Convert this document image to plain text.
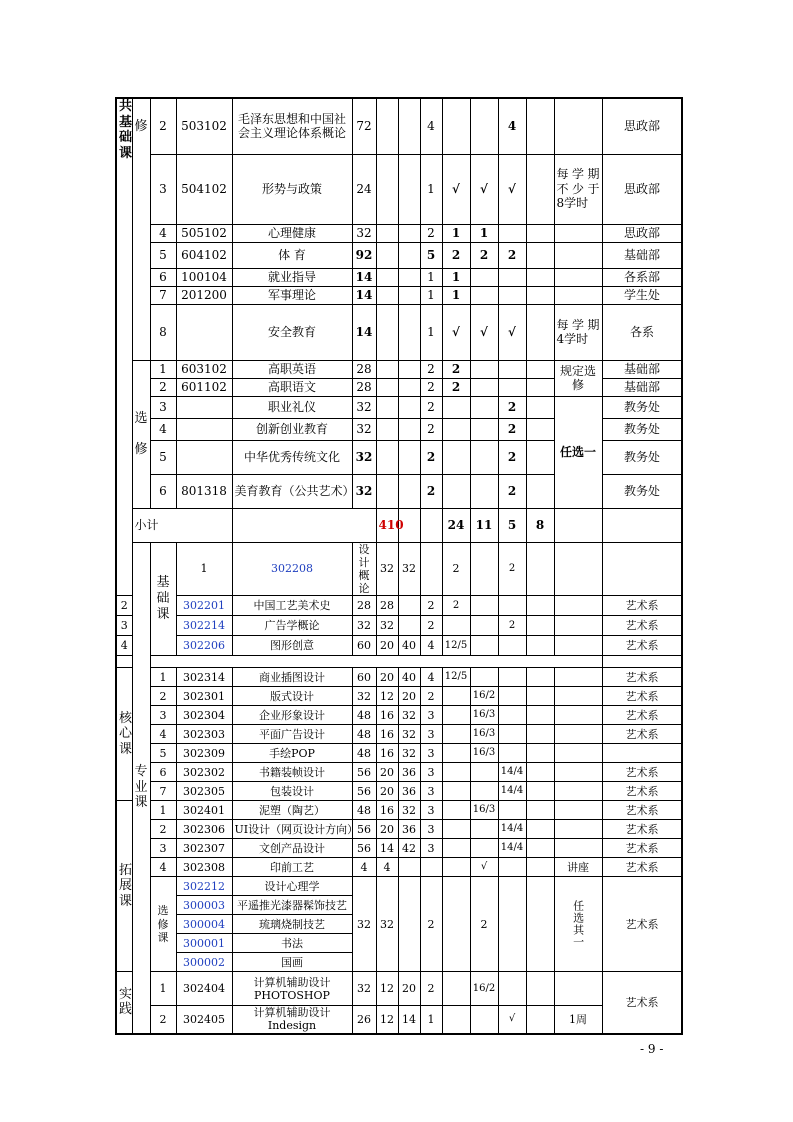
共
基
础
课	修	2	503102	毛泽东思想和中国社会主义理论体系概论	72			4			4			思政部	
		3	504102	形势与政策	24			1	√	√	√		每学期不少于8学时	思政部	
		4	505102	心理健康	32			2	1	1				思政部	
		5	604102	体 育	92			5	2	2	2			基础部	
		6	100104	就业指导	14			1	1					各系部	
		7	201200	军事理论	14			1	1					学生处	
		8		安全教育	14			1	√	√	√		每学期4学时	各系	
	选

修	1	603102	高职英语	28			2	2				规定选修	基础部	
		2	601102	高职语文	28			2	2					基础部	
		3		职业礼仪	32			2			2		任选一	教务处	
		4		创新创业教育	32			2			2			教务处	
		5		中华优秀传统文化	32			2			2			教务处	
		6	801318	美育教育（公共艺术）	32			2			2			教务处	
	小计					410			24	11	5	8			
	专
业
课	基
础
课	1	302208	设计概论	32	32		2		2				
2			302201	中国工艺美术史	28	28		2	2					艺术系	
3			302214	广告学概论	32	32		2			2			艺术系	
4			302206	图形创意	60	20	40	4	12/5					艺术系	

核
心
课		1	302314	商业插图设计	60	20	40	4	12/5					艺术系	
		2	302301	版式设计	32	12	20	2		16/2				艺术系	
		3	302304	企业形象设计	48	16	32	3		16/3				艺术系	
		4	302303	平面广告设计	48	16	32	3		16/3				艺术系	
		5	302309	手绘POP	48	16	32	3		16/3					
		6	302302	书籍装帧设计	56	20	36	3			14/4			艺术系	
		7	302305	包装设计	56	20	36	3			14/4			艺术系	
拓
展
课		1	302401	泥塑（陶艺）	48	16	32	3		16/3				艺术系	
		2	302306	UI设计（网页设计方向）	56	20	36	3			14/4			艺术系	
		3	302307	文创产品设计	56	14	42	3			14/4			艺术系	
		4	302308	印前工艺	4	4				√			讲座	艺术系	
		选
修
课	302212	设计心理学	32	32		2		2			任选其一	艺术系	
			300003	平遥推光漆器髹饰技艺											
			300004	琉璃烧制技艺											
			300001	书法											
			300002	国画											
实
践		1	302404	计算机辅助设计PHOTOSHOP	32	12	20	2		16/2				艺术系	
		2	302405	计算机辅助设计Indesign	26	12	14	1			√		1周		
- 9 -
